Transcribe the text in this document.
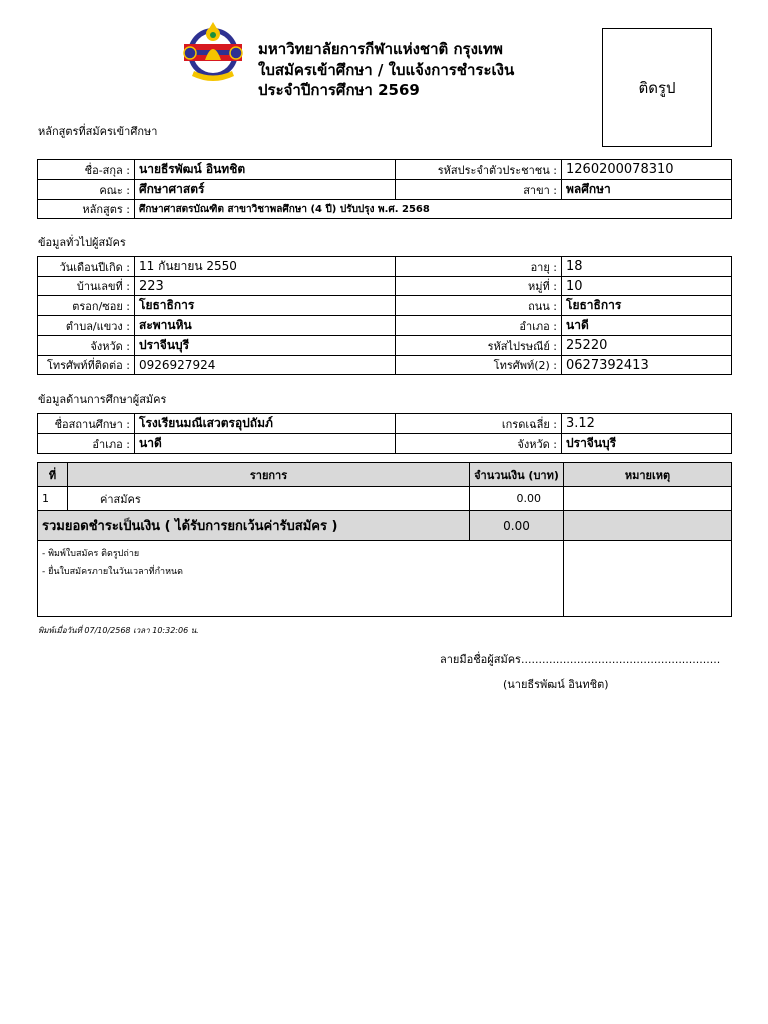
มหาวิทยาลัยการกีฬาแห่งชาติ กรุงเทพ
ใบสมัครเข้าศึกษา / ใบแจ้งการชำระเงิน
ประจำปีการศึกษา 2569	ติดรูป
หลักสูตรที่สมัครเข้าศึกษา
ชื่อ-สกุล :	นายธีรพัฒน์ อินทชิต	รหัสประจำตัวประชาชน :	1260200078310
คณะ :	ศึกษาศาสตร์	สาขา :	พลศึกษา
หลักสูตร :	ศึกษาศาสตรบัณฑิต สาขาวิชาพลศึกษา (4 ปี) ปรับปรุง พ.ศ. 2568		
ข้อมูลทั่วไปผู้สมัคร
วันเดือนปีเกิด :	11 กันยายน 2550	อายุ :	18
บ้านเลขที่ :	223	หมู่ที่ :	10
ตรอก/ซอย :	โยธาธิการ	ถนน :	โยธาธิการ
ตำบล/แขวง :	สะพานหิน	อำเภอ :	นาดี
จังหวัด :	ปราจีนบุรี	รหัสไปรษณีย์ :	25220
โทรศัพท์ที่ติดต่อ :	0926927924	โทรศัพท์(2) :	0627392413
ข้อมูลด้านการศึกษาผู้สมัคร
ชื่อสถานศึกษา :	โรงเรียนมณีเสวตรอุปถัมภ์	เกรดเฉลี่ย :	3.12
อำเภอ :	นาดี	จังหวัด :	ปราจีนบุรี
ที่	รายการ	จำนวนเงิน (บาท)	หมายเหตุ
1	ค่าสมัคร	0.00	
รวมยอดชำระเป็นเงิน ( ได้รับการยกเว้นค่ารับสมัคร )		0.00	

- พิมพ์ใบสมัคร ติดรูปถ่าย
- ยื่นใบสมัครภายในวันเวลาที่กำหนด			

พิมพ์เมื่อวันที่ 07/10/2568 เวลา 10:32:06 น.
ลายมือชื่อผู้สมัคร.........................................................
(นายธีรพัฒน์ อินทชิต)
